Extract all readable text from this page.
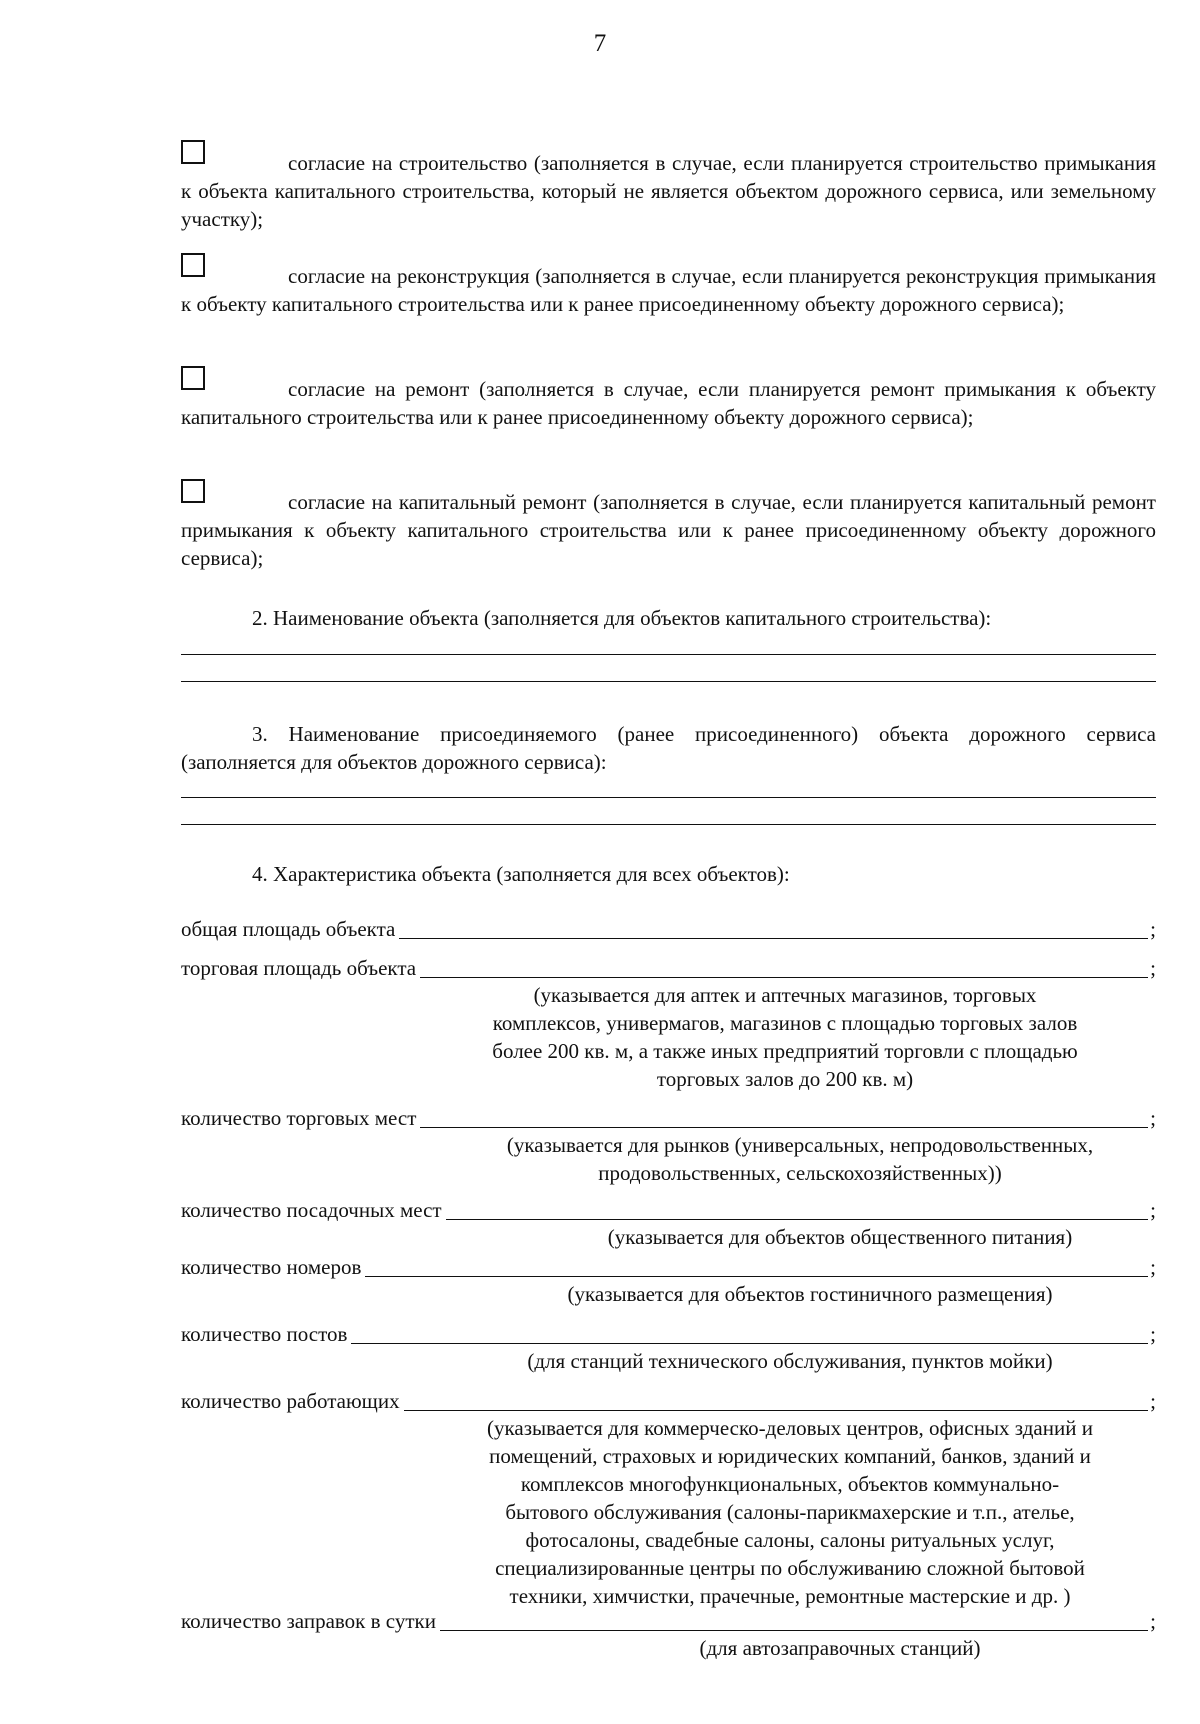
7
согласие на строительство (заполняется в случае, если планируется строительство примыкания к объекта капитального строительства, который не является объектом дорожного сервиса, или земельному участку);
согласие на реконструкция (заполняется в случае, если планируется реконструкция примыкания к объекту капитального строительства или к ранее присоединенному объекту дорожного сервиса);
согласие на ремонт (заполняется в случае, если планируется ремонт примыкания к объекту капитального строительства или к ранее присоединенному объекту дорожного сервиса);
согласие на капитальный ремонт (заполняется в случае, если планируется капитальный ремонт примыкания к объекту капитального строительства или к ранее присоединенному объекту дорожного сервиса);
2. Наименование объекта (заполняется для объектов капитального строительства):
3. Наименование присоединяемого (ранее присоединенного) объекта дорожного сервиса (заполняется для объектов дорожного сервиса):
4. Характеристика объекта (заполняется для всех объектов):
общая площадь объекта	;
торговая площадь объекта	;
(указывается для аптек и аптечных магазинов, торговых
комплексов, универмагов, магазинов с площадью торговых залов
более 200 кв. м, а также иных предприятий торговли с площадью
торговых залов до 200 кв. м)
количество торговых мест	;
(указывается для рынков (универсальных, непродовольственных,
продовольственных, сельскохозяйственных))
количество посадочных мест	;
(указывается для объектов общественного питания)
количество номеров	;
(указывается для объектов гостиничного размещения)
количество постов	;
(для станций технического обслуживания, пунктов мойки)
количество работающих	;
(указывается для коммерческо-деловых центров, офисных зданий и
помещений, страховых и юридических компаний, банков, зданий и
комплексов многофункциональных, объектов коммунально-
бытового обслуживания (салоны-парикмахерские и т.п., ателье,
фотосалоны, свадебные салоны, салоны ритуальных услуг,
специализированные центры по обслуживанию сложной бытовой
техники, химчистки, прачечные, ремонтные мастерские и др. )
количество заправок в сутки	;
(для автозаправочных станций)
